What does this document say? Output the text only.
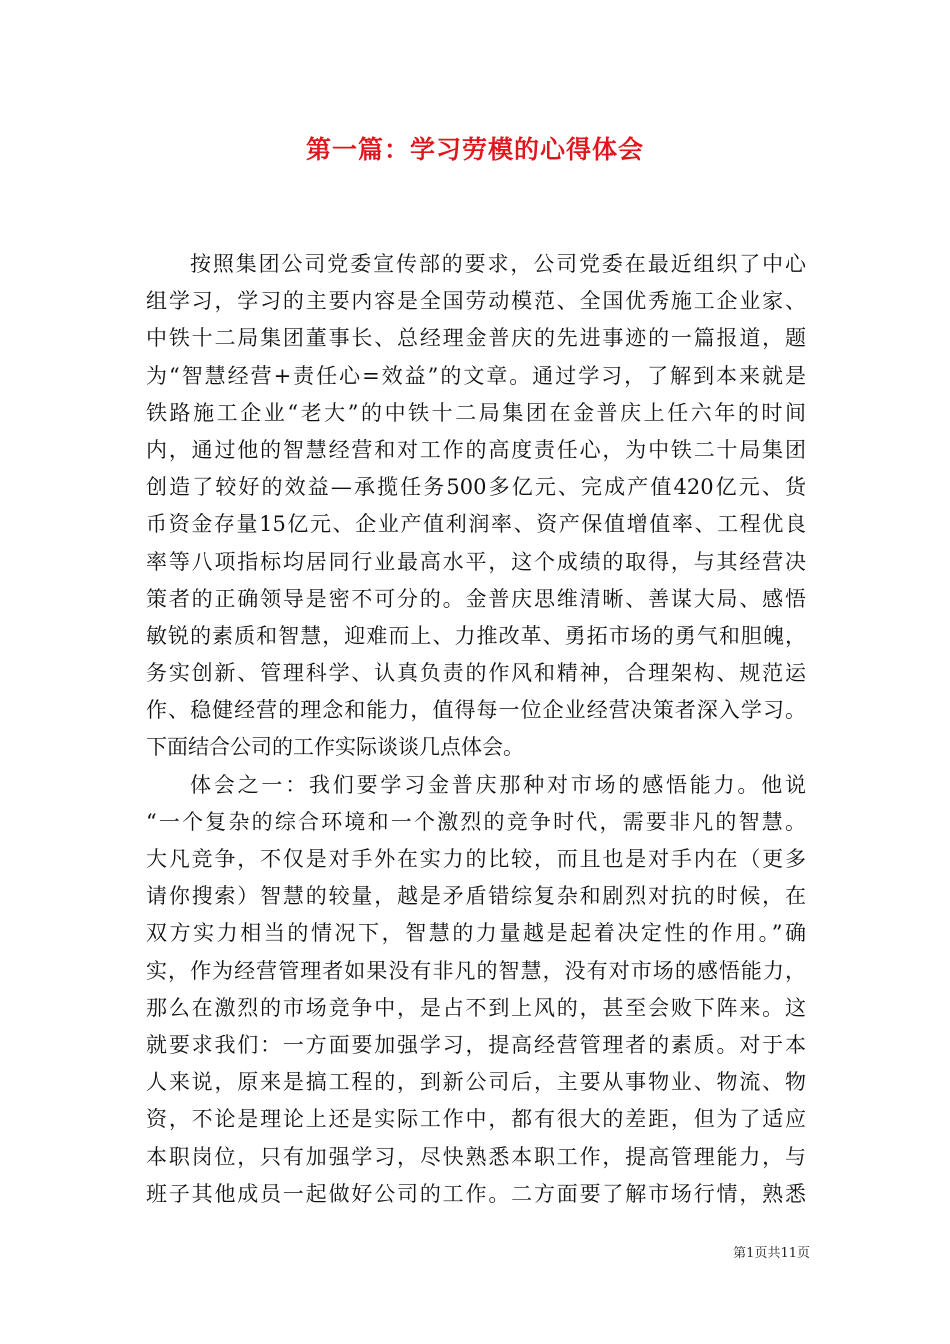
第一篇：学习劳模的心得体会
按照集团公司党委宣传部的要求，公司党委在最近组织了中心
组学习，学习的主要内容是全国劳动模范、全国优秀施工企业家、
中铁十二局集团董事长、总经理金普庆的先进事迹的一篇报道，题
为“智慧经营+责任心=效益”的文章。通过学习，了解到本来就是
铁路施工企业“老大”的中铁十二局集团在金普庆上任六年的时间
内，通过他的智慧经营和对工作的高度责任心，为中铁二十局集团
创造了较好的效益—承揽任务500多亿元、完成产值420亿元、货
币资金存量15亿元、企业产值利润率、资产保值增值率、工程优良
率等八项指标均居同行业最高水平，这个成绩的取得，与其经营决
策者的正确领导是密不可分的。金普庆思维清晰、善谋大局、感悟
敏锐的素质和智慧，迎难而上、力推改革、勇拓市场的勇气和胆魄，
务实创新、管理科学、认真负责的作风和精神，合理架构、规范运
作、稳健经营的理念和能力，值得每一位企业经营决策者深入学习。
下面结合公司的工作实际谈谈几点体会。
体会之一：我们要学习金普庆那种对市场的感悟能力。他说
“一个复杂的综合环境和一个激烈的竞争时代，需要非凡的智慧。
大凡竞争，不仅是对手外在实力的比较，而且也是对手内在（更多
请你搜索）智慧的较量，越是矛盾错综复杂和剧烈对抗的时候，在
双方实力相当的情况下，智慧的力量越是起着决定性的作用。”确
实，作为经营管理者如果没有非凡的智慧，没有对市场的感悟能力，
那么在激烈的市场竞争中，是占不到上风的，甚至会败下阵来。这
就要求我们：一方面要加强学习，提高经营管理者的素质。对于本
人来说，原来是搞工程的，到新公司后，主要从事物业、物流、物
资，不论是理论上还是实际工作中，都有很大的差距，但为了适应
本职岗位，只有加强学习，尽快熟悉本职工作，提高管理能力，与
班子其他成员一起做好公司的工作。二方面要了解市场行情，熟悉
第1页共11页
